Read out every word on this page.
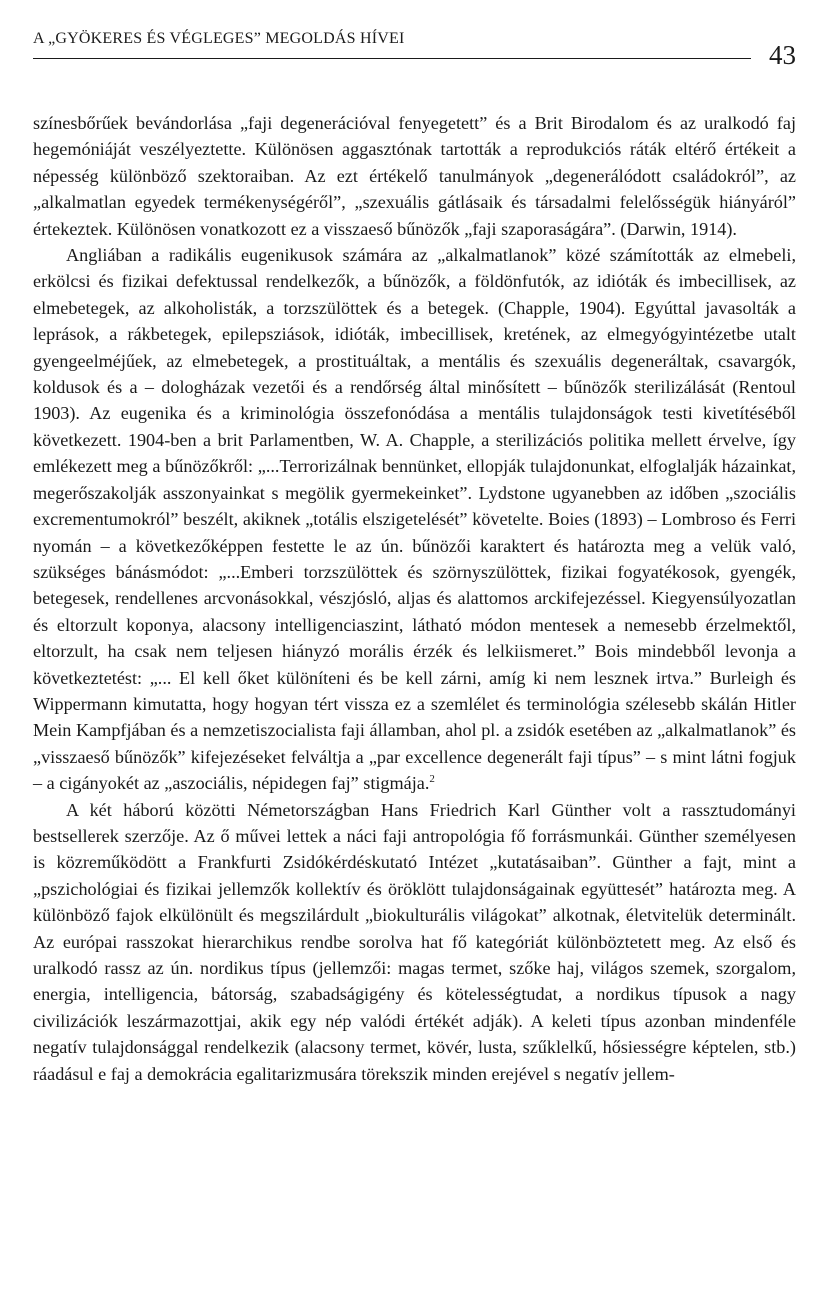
A „GYÖKERES ÉS VÉGLEGES” MEGOLDÁS HÍVEI
43

színesbőrűek bevándorlása „faji degenerációval fenyegetett” és a Brit Birodalom és az uralkodó faj hegemóniáját veszélyeztette. Különösen aggasztónak tartották a reprodukciós ráták eltérő értékeit a népesség különböző szektoraiban. Az ezt értékelő tanulmányok „degenerálódott családokról”, az „alkalmatlan egyedek termékenységéről”, „szexuális gátlásaik és társadalmi felelősségük hiányáról” értekeztek. Különösen vonatkozott ez a visszaeső bűnözők „faji szaporaságára”. (Darwin, 1914).

Angliában a radikális eugenikusok számára az „alkalmatlanok” közé számították az elmebeli, erkölcsi és fizikai defektussal rendelkezők, a bűnözők, a földönfutók, az idióták és imbecillisek, az elmebetegek, az alkoholisták, a torzszülöttek és a betegek. (Chapple, 1904). Egyúttal javasolták a leprások, a rákbetegek, epilepsziások, idióták, imbecillisek, kretének, az elmegyógyintézetbe utalt gyengeelméjűek, az elmebetegek, a prostituáltak, a mentális és szexuális degeneráltak, csavargók, koldusok és a – dologházak vezetői és a rendőrség által minősített – bűnözők sterilizálását (Rentoul 1903). Az eugenika és a kriminológia összefonódása a mentális tulajdonságok testi kivetítéséből következett. 1904-ben a brit Parlamentben, W. A. Chapple, a sterilizációs politika mellett érvelve, így emlékezett meg a bűnözőkről: „...Terrorizálnak bennünket, ellopják tulajdonunkat, elfoglalják házainkat, megerőszakolják asszonyainkat s megölik gyermekeinket”. Lydstone ugyanebben az időben „szociális excrementumokról” beszélt, akiknek „totális elszigetelését” követelte. Boies (1893) – Lombroso és Ferri nyomán – a következőképpen festette le az ún. bűnözői karaktert és határozta meg a velük való, szükséges bánásmódot: „...Emberi torzszülöttek és szörnyszülöttek, fizikai fogyatékosok, gyengék, betegesek, rendellenes arcvonásokkal, vészjósló, aljas és alattomos arckifejezéssel. Kiegyensúlyozatlan és eltorzult koponya, alacsony intelligenciaszint, látható módon mentesek a nemesebb érzelmektől, eltorzult, ha csak nem teljesen hiányzó morális érzék és lelkiismeret.” Bois mindebből levonja a következtetést: „... El kell őket különíteni és be kell zárni, amíg ki nem lesznek irtva.” Burleigh és Wippermann kimutatta, hogy hogyan tért vissza ez a szemlélet és terminológia szélesebb skálán Hitler Mein Kampfjában és a nemzetiszocialista faji államban, ahol pl. a zsidók esetében az „alkalmatlanok” és „visszaeső bűnözők” kifejezéseket felváltja a „par excellence degenerált faji típus” – s mint látni fogjuk – a cigányokét az „aszociális, népidegen faj” stigmája.$^2$

A két háború közötti Németországban Hans Friedrich Karl Günther volt a rassztudományi bestsellerek szerzője. Az ő művei lettek a náci faji antropológia fő forrásmunkái. Günther személyesen is közreműködött a Frankfurti Zsidókérdéskutató Intézet „kutatásaiban”. Günther a fajt, mint a „pszichológiai és fizikai jellemzők kollektív és öröklött tulajdonságainak együttesét” határozta meg. A különböző fajok elkülönült és megszilárdult „biokulturális világokat” alkotnak, életvitelük determinált. Az európai rasszokat hierarchikus rendbe sorolva hat fő kategóriát különböztetett meg. Az első és uralkodó rassz az ún. nordikus típus (jellemzői: magas termet, szőke haj, világos szemek, szorgalom, energia, intelligencia, bátorság, szabadságigény és kötelességtudat, a nordikus típusok a nagy civilizációk leszármazottjai, akik egy nép valódi értékét adják). A keleti típus azonban mindenféle negatív tulajdonsággal rendelkezik (alacsony termet, kövér, lusta, szűklelkű, hősiességre képtelen, stb.) ráadásul e faj a demokrácia egalitarizmusára törekszik minden erejével s negatív jellem-
